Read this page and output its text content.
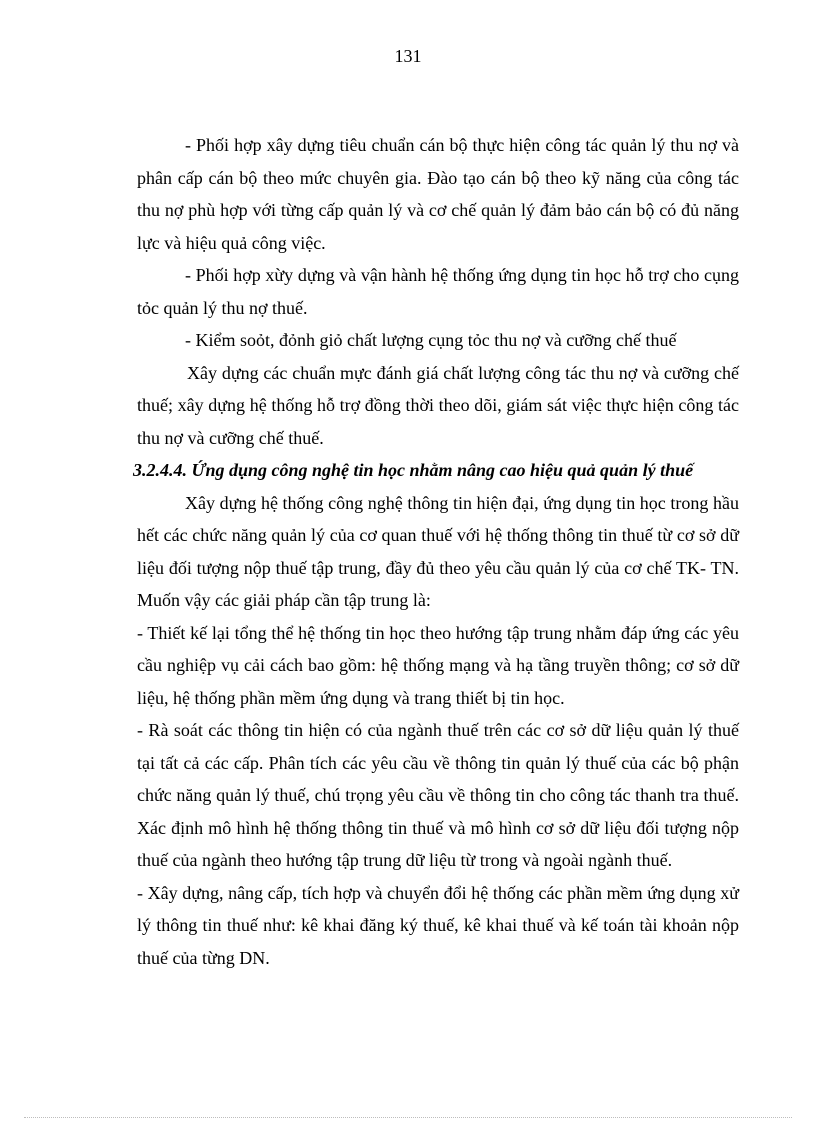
131

- Phối hợp xây dựng tiêu chuẩn cán bộ thực hiện công tác quản lý thu nợ và phân cấp cán bộ theo mức chuyên gia. Đào tạo cán bộ theo kỹ năng của công tác thu nợ phù hợp với từng cấp quản lý và cơ chế quản lý đảm bảo cán bộ có đủ năng lực và hiệu quả công việc.

- Phối hợp xừy dựng và vận hành hệ thống ứng dụng tin học hỗ trợ cho cụng tỏc quản lý thu nợ thuế.

- Kiểm soỏt, đỏnh giỏ chất lượng cụng tỏc thu nợ và cưỡng chế thuế

Xây dựng các chuẩn mực đánh giá chất lượng công tác thu nợ và cưỡng chế thuế; xây dựng hệ thống hỗ trợ đồng thời theo dõi, giám sát việc thực hiện công tác thu nợ và cưỡng chế thuế.

3.2.4.4. Ứng dụng công nghệ tin học nhằm nâng cao hiệu quả quản lý thuế

Xây dựng hệ thống công nghệ thông tin hiện đại, ứng dụng tin học trong hầu hết các chức năng quản lý của cơ quan thuế với hệ thống thông tin thuế từ cơ sở dữ liệu đối tượng nộp thuế tập trung, đầy đủ theo yêu cầu quản lý của cơ chế TK- TN. Muốn vậy các giải pháp cần tập trung là:

- Thiết kế lại tổng thể hệ thống tin học theo hướng tập trung nhằm đáp ứng các yêu cầu nghiệp vụ cải cách bao gồm: hệ thống mạng và hạ tầng truyền thông; cơ sở dữ liệu, hệ thống phần mềm ứng dụng và trang thiết bị tin học.

- Rà soát các thông tin hiện có của ngành thuế trên các cơ sở dữ liệu quản lý thuế tại tất cả các cấp. Phân tích các yêu cầu về thông tin quản lý thuế của các bộ phận chức năng quản lý thuế, chú trọng yêu cầu về thông tin cho công tác thanh tra thuế. Xác định mô hình hệ thống thông tin thuế và mô hình cơ sở dữ liệu đối tượng nộp thuế của ngành theo hướng tập trung dữ liệu từ trong và ngoài ngành thuế.

- Xây dựng, nâng cấp, tích hợp và chuyển đổi hệ thống các phần mềm ứng dụng xử lý thông tin thuế như: kê khai đăng ký thuế, kê khai thuế và kế toán tài khoản nộp thuế của từng DN.
